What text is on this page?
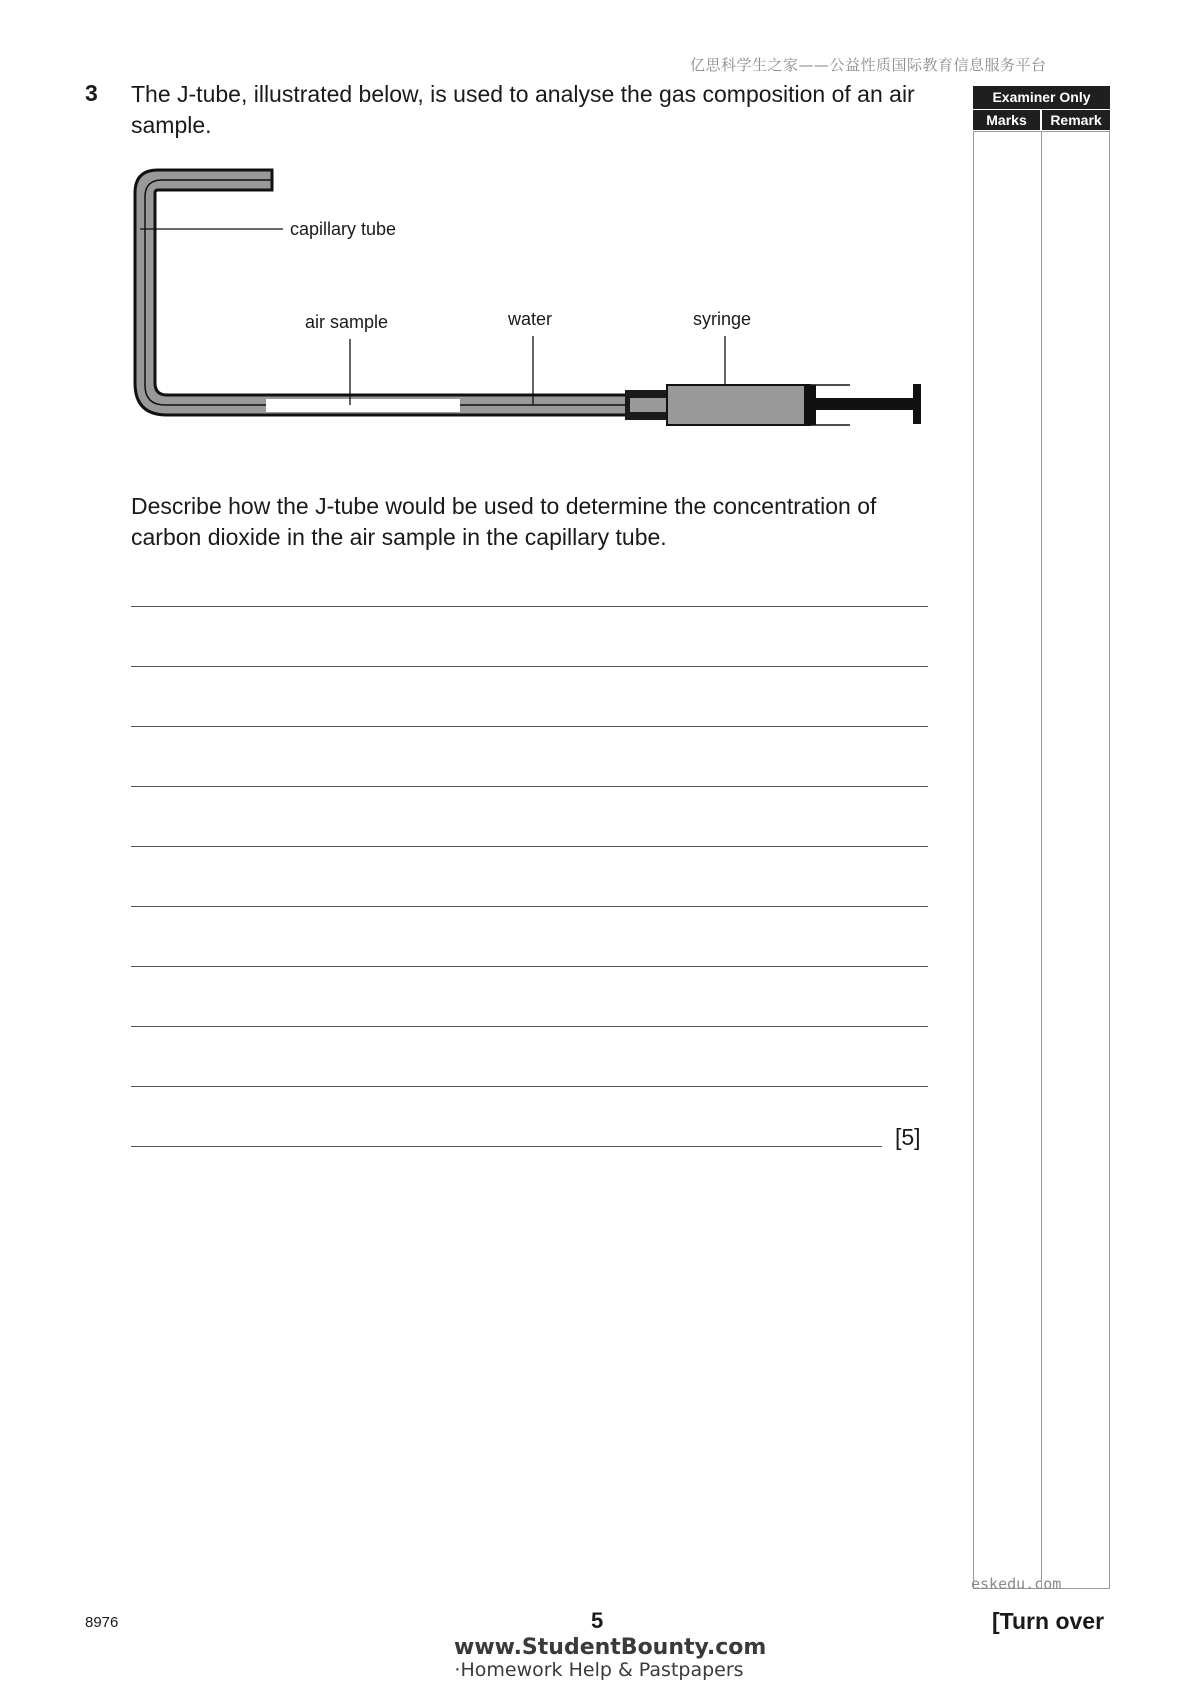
亿思科学生之家——公益性质国际教育信息服务平台
3 The J-tube, illustrated below, is used to analyse the gas composition of an air sample.
Examiner Only
Marks	Remark
capillary tube
air sample	water	syringe
Describe how the J-tube would be used to determine the concentration of carbon dioxide in the air sample in the capillary tube.
[5]
eskedu.com
8976	5	[Turn over
www.StudentBounty.com
·Homework Help & Pastpapers
